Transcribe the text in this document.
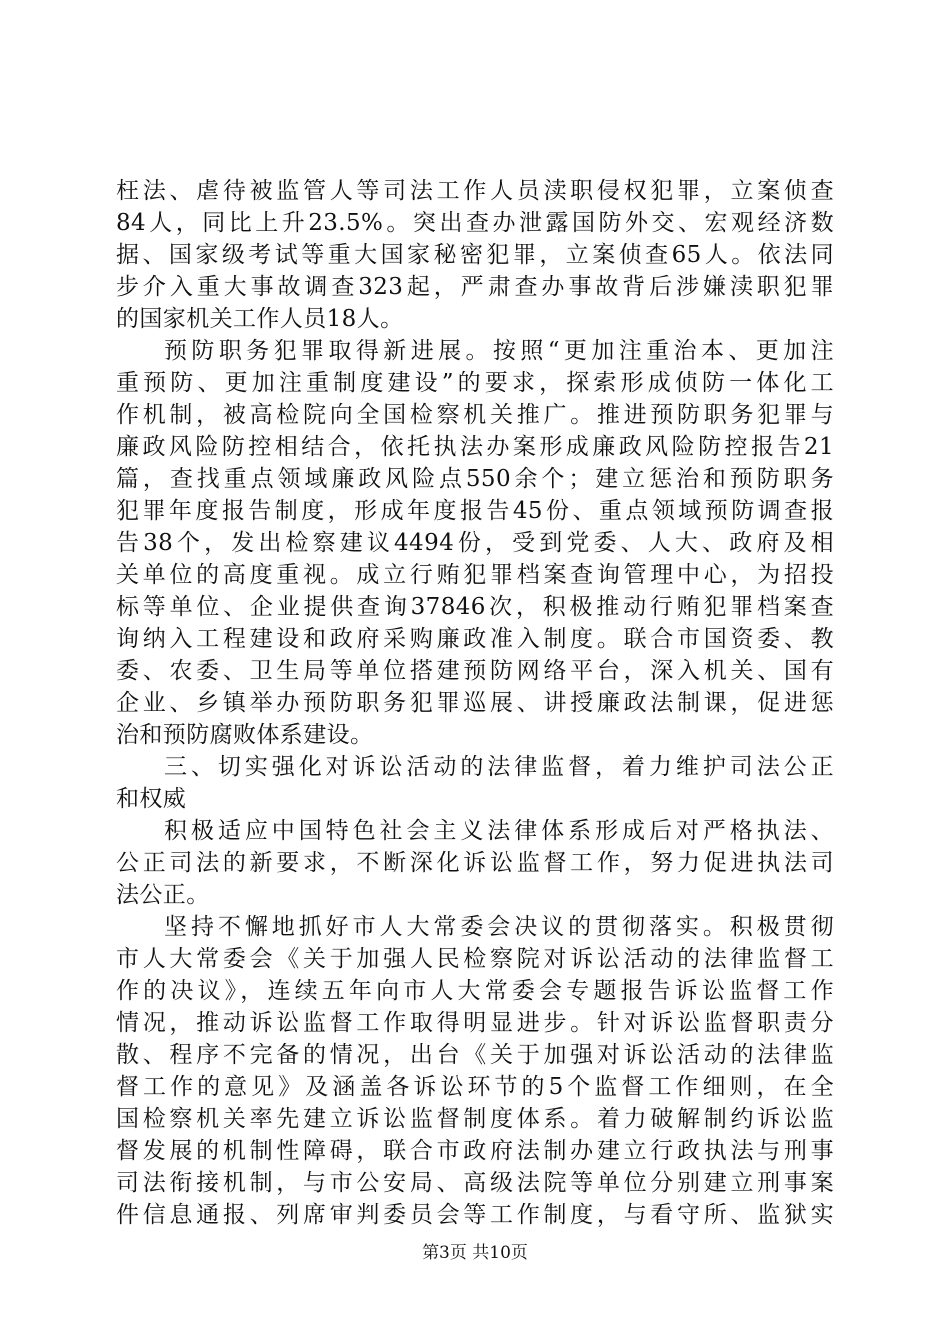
枉法、虐待被监管人等司法工作人员渎职侵权犯罪，立案侦查
84人，同比上升23.5%。突出查办泄露国防外交、宏观经济数
据、国家级考试等重大国家秘密犯罪，立案侦查65人。依法同
步介入重大事故调查323起，严肃查办事故背后涉嫌渎职犯罪
的国家机关工作人员18人。
预防职务犯罪取得新进展。按照“更加注重治本、更加注
重预防、更加注重制度建设”的要求，探索形成侦防一体化工
作机制，被高检院向全国检察机关推广。推进预防职务犯罪与
廉政风险防控相结合，依托执法办案形成廉政风险防控报告21
篇，查找重点领域廉政风险点550余个；建立惩治和预防职务
犯罪年度报告制度，形成年度报告45份、重点领域预防调查报
告38个，发出检察建议4494份，受到党委、人大、政府及相
关单位的高度重视。成立行贿犯罪档案查询管理中心，为招投
标等单位、企业提供查询37846次，积极推动行贿犯罪档案查
询纳入工程建设和政府采购廉政准入制度。联合市国资委、教
委、农委、卫生局等单位搭建预防网络平台，深入机关、国有
企业、乡镇举办预防职务犯罪巡展、讲授廉政法制课，促进惩
治和预防腐败体系建设。
三、切实强化对诉讼活动的法律监督，着力维护司法公正
和权威
积极适应中国特色社会主义法律体系形成后对严格执法、
公正司法的新要求，不断深化诉讼监督工作，努力促进执法司
法公正。
坚持不懈地抓好市人大常委会决议的贯彻落实。积极贯彻
市人大常委会《关于加强人民检察院对诉讼活动的法律监督工
作的决议》，连续五年向市人大常委会专题报告诉讼监督工作
情况，推动诉讼监督工作取得明显进步。针对诉讼监督职责分
散、程序不完备的情况，出台《关于加强对诉讼活动的法律监
督工作的意见》及涵盖各诉讼环节的5个监督工作细则，在全
国检察机关率先建立诉讼监督制度体系。着力破解制约诉讼监
督发展的机制性障碍，联合市政府法制办建立行政执法与刑事
司法衔接机制，与市公安局、高级法院等单位分别建立刑事案
件信息通报、列席审判委员会等工作制度，与看守所、监狱实
第3页 共10页
